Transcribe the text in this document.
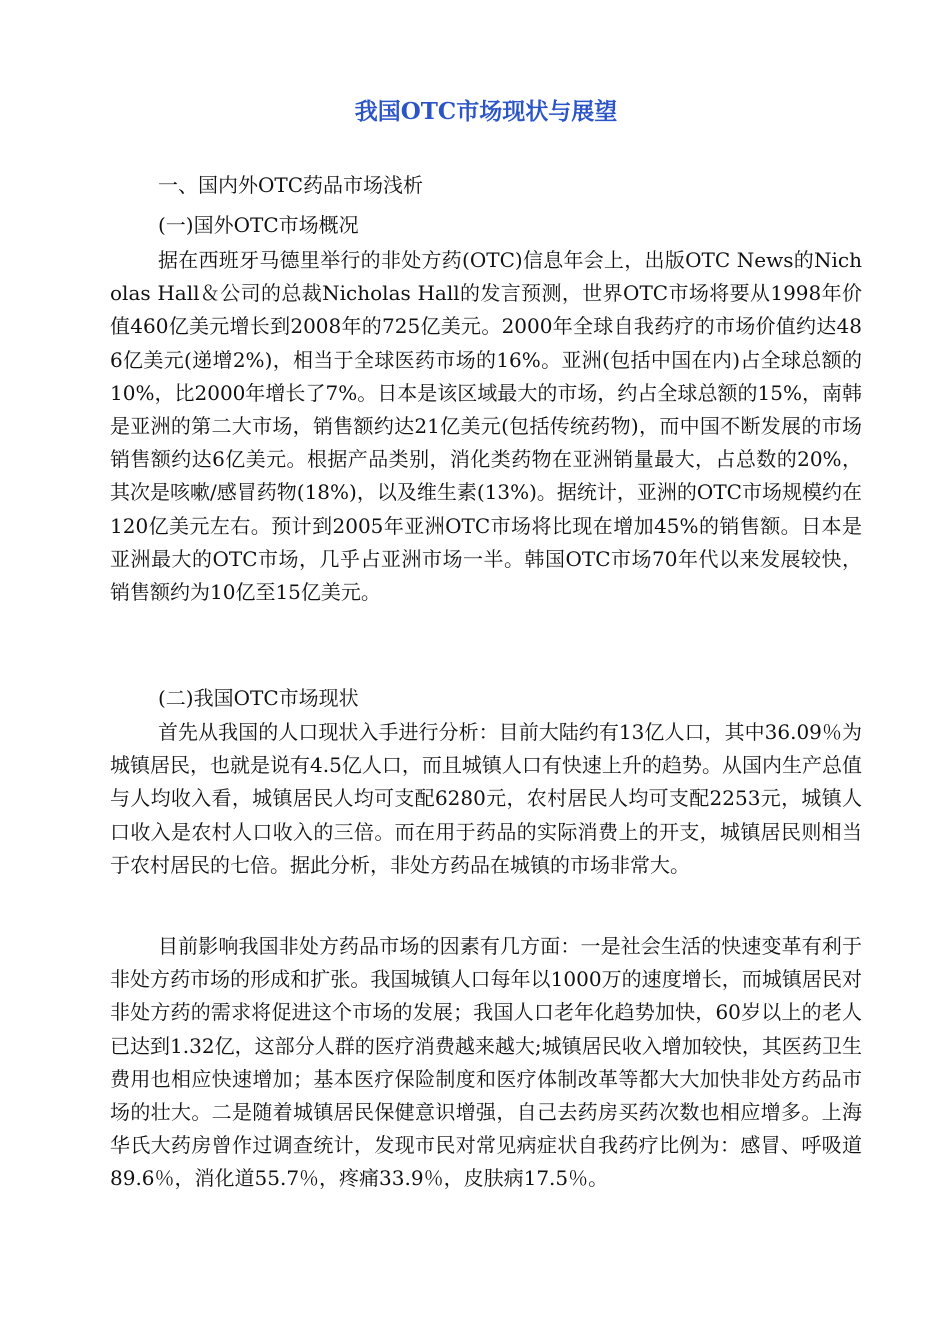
我国OTC市场现状与展望

一、国内外OTC药品市场浅析

(一)国外OTC市场概况

据在西班牙马德里举行的非处方药(OTC)信息年会上，出版OTC News的Nicholas Hall＆公司的总裁Nicholas Hall的发言预测，世界OTC市场将要从1998年价值460亿美元增长到2008年的725亿美元。2000年全球自我药疗的市场价值约达486亿美元(递增2%)，相当于全球医药市场的16%。亚洲(包括中国在内)占全球总额的10%，比2000年增长了7%。日本是该区域最大的市场，约占全球总额的15%，南韩是亚洲的第二大市场，销售额约达21亿美元(包括传统药物)，而中国不断发展的市场销售额约达6亿美元。根据产品类别，消化类药物在亚洲销量最大，占总数的20%，其次是咳嗽/感冒药物(18%)，以及维生素(13%)。据统计，亚洲的OTC市场规模约在120亿美元左右。预计到2005年亚洲OTC市场将比现在增加45%的销售额。日本是亚洲最大的OTC市场，几乎占亚洲市场一半。韩国OTC市场70年代以来发展较快，销售额约为10亿至15亿美元。

(二)我国OTC市场现状

首先从我国的人口现状入手进行分析：目前大陆约有13亿人口，其中36.09％为城镇居民，也就是说有4.5亿人口，而且城镇人口有快速上升的趋势。从国内生产总值与人均收入看，城镇居民人均可支配6280元，农村居民人均可支配2253元，城镇人口收入是农村人口收入的三倍。而在用于药品的实际消费上的开支，城镇居民则相当于农村居民的七倍。据此分析，非处方药品在城镇的市场非常大。

目前影响我国非处方药品市场的因素有几方面：一是社会生活的快速变革有利于非处方药市场的形成和扩张。我国城镇人口每年以1000万的速度增长，而城镇居民对非处方药的需求将促进这个市场的发展；我国人口老年化趋势加快，60岁以上的老人已达到1.32亿，这部分人群的医疗消费越来越大;城镇居民收入增加较快，其医药卫生费用也相应快速增加；基本医疗保险制度和医疗体制改革等都大大加快非处方药品市场的壮大。二是随着城镇居民保健意识增强，自己去药房买药次数也相应增多。上海华氏大药房曾作过调查统计，发现市民对常见病症状自我药疗比例为：感冒、呼吸道89.6％，消化道55.7％，疼痛33.9％，皮肤病17.5％。
